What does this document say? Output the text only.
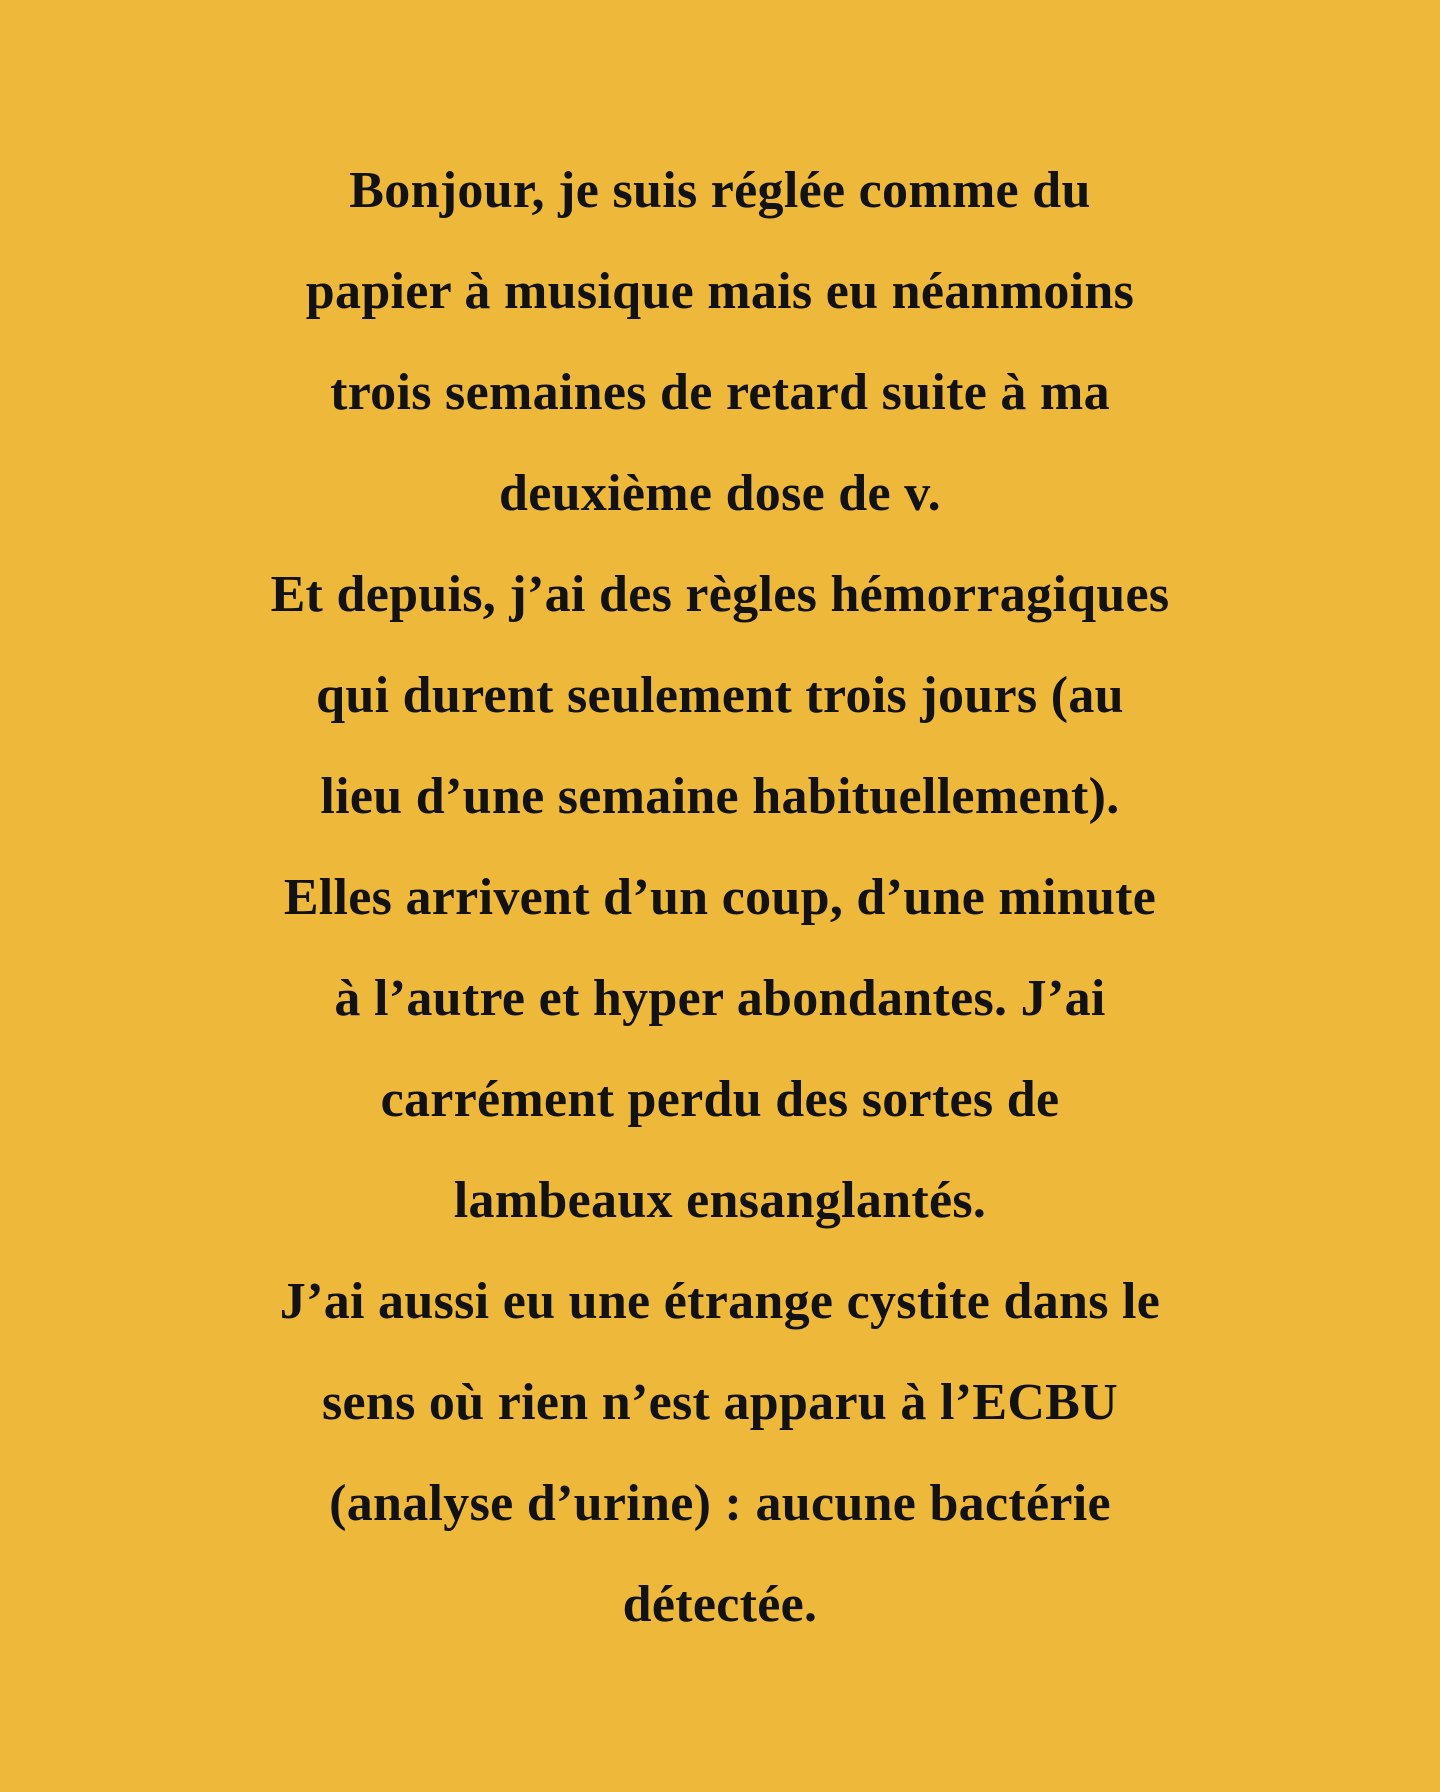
Bonjour, je suis réglée comme du
papier à musique mais eu néanmoins
trois semaines de retard suite à ma
deuxième dose de v.
Et depuis, j’ai des règles hémorragiques
qui durent seulement trois jours (au
lieu d’une semaine habituellement).
Elles arrivent d’un coup, d’une minute
à l’autre et hyper abondantes. J’ai
carrément perdu des sortes de
lambeaux ensanglantés.
J’ai aussi eu une étrange cystite dans le
sens où rien n’est apparu à l’ECBU
(analyse d’urine) : aucune bactérie
détectée.
